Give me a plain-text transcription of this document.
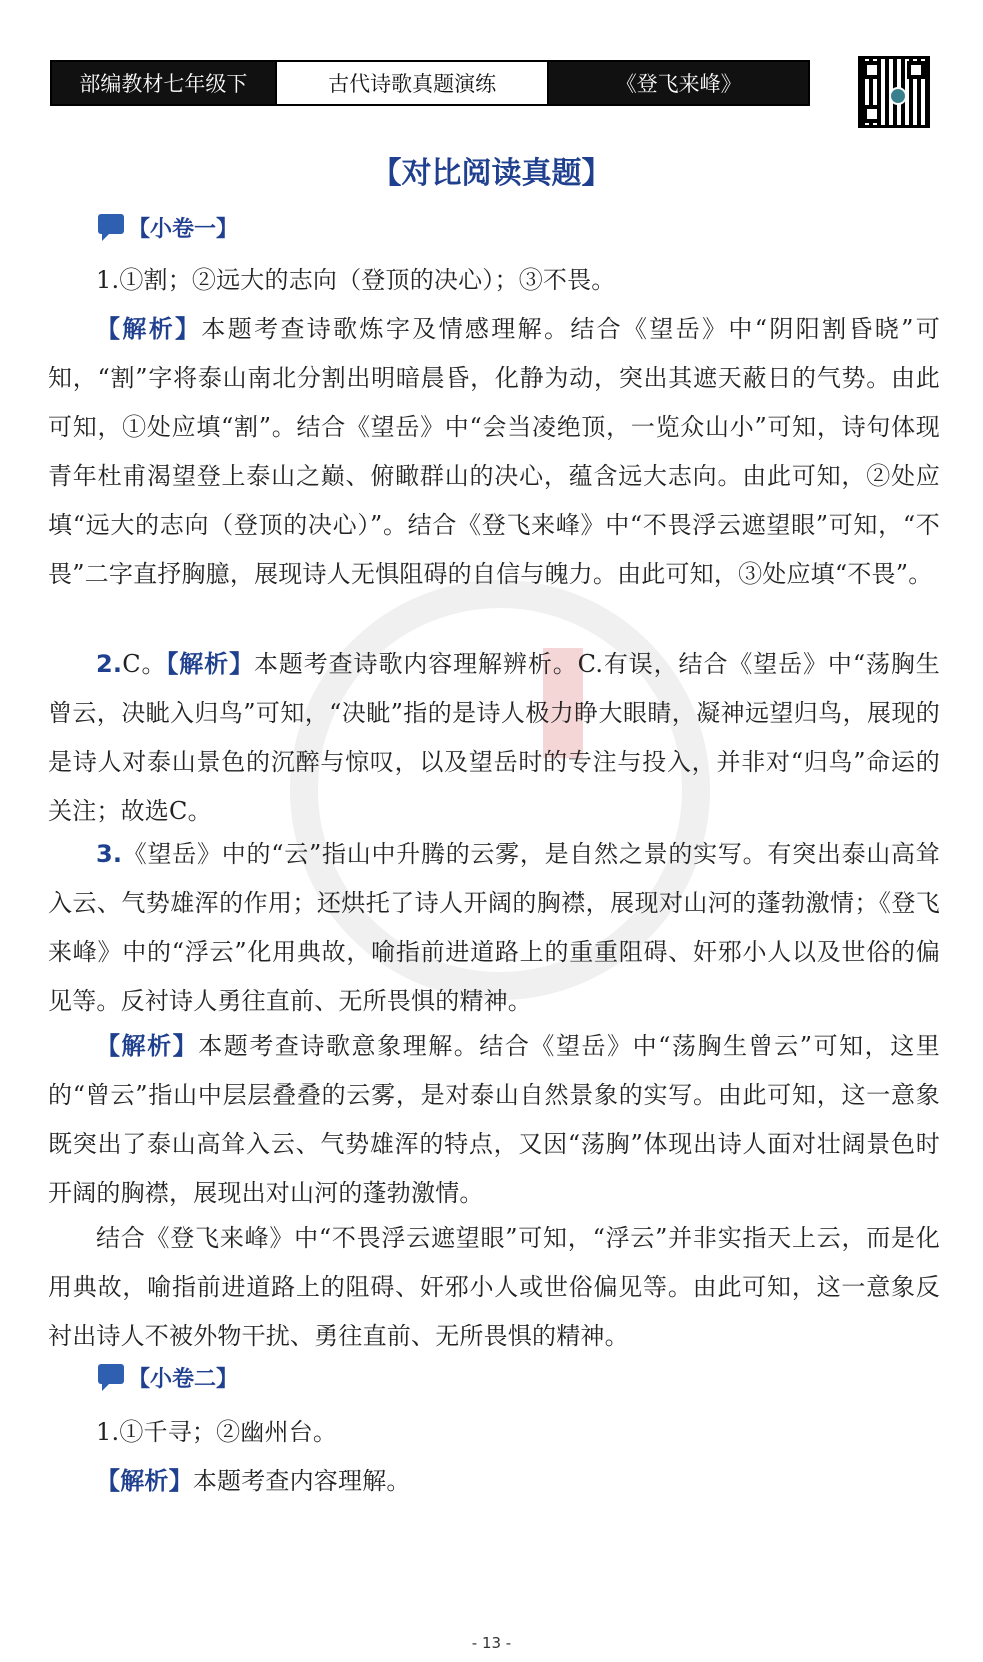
部编教材七年级下	古代诗歌真题演练	《登飞来峰》
【对比阅读真题】
【小卷一】

1.①割；②远大的志向（登顶的决心）；③不畏。

【解析】本题考查诗歌炼字及情感理解。结合《望岳》中“阴阳割昏晓”可知，“割”字将泰山南北分割出明暗晨昏，化静为动，突出其遮天蔽日的气势。由此可知，①处应填“割”。结合《望岳》中“会当凌绝顶，一览众山小”可知，诗句体现青年杜甫渴望登上泰山之巅、俯瞰群山的决心，蕴含远大志向。由此可知，②处应填“远大的志向（登顶的决心）”。结合《登飞来峰》中“不畏浮云遮望眼”可知，“不畏”二字直抒胸臆，展现诗人无惧阻碍的自信与魄力。由此可知，③处应填“不畏”。

2.C。【解析】本题考查诗歌内容理解辨析。C.有误，结合《望岳》中“荡胸生曾云，决眦入归鸟”可知，“决眦”指的是诗人极力睁大眼睛，凝神远望归鸟，展现的是诗人对泰山景色的沉醉与惊叹，以及望岳时的专注与投入，并非对“归鸟”命运的关注；故选C。

3.《望岳》中的“云”指山中升腾的云雾，是自然之景的实写。有突出泰山高耸入云、气势雄浑的作用；还烘托了诗人开阔的胸襟，展现对山河的蓬勃激情；《登飞来峰》中的“浮云”化用典故，喻指前进道路上的重重阻碍、奸邪小人以及世俗的偏见等。反衬诗人勇往直前、无所畏惧的精神。

【解析】本题考查诗歌意象理解。结合《望岳》中“荡胸生曾云”可知，这里的“曾云”指山中层层叠叠的云雾，是对泰山自然景象的实写。由此可知，这一意象既突出了泰山高耸入云、气势雄浑的特点，又因“荡胸”体现出诗人面对壮阔景色时开阔的胸襟，展现出对山河的蓬勃激情。

结合《登飞来峰》中“不畏浮云遮望眼”可知，“浮云”并非实指天上云，而是化用典故，喻指前进道路上的阻碍、奸邪小人或世俗偏见等。由此可知，这一意象反衬出诗人不被外物干扰、勇往直前、无所畏惧的精神。

【小卷二】

1.①千寻；②幽州台。

【解析】本题考查内容理解。

- 13 -
